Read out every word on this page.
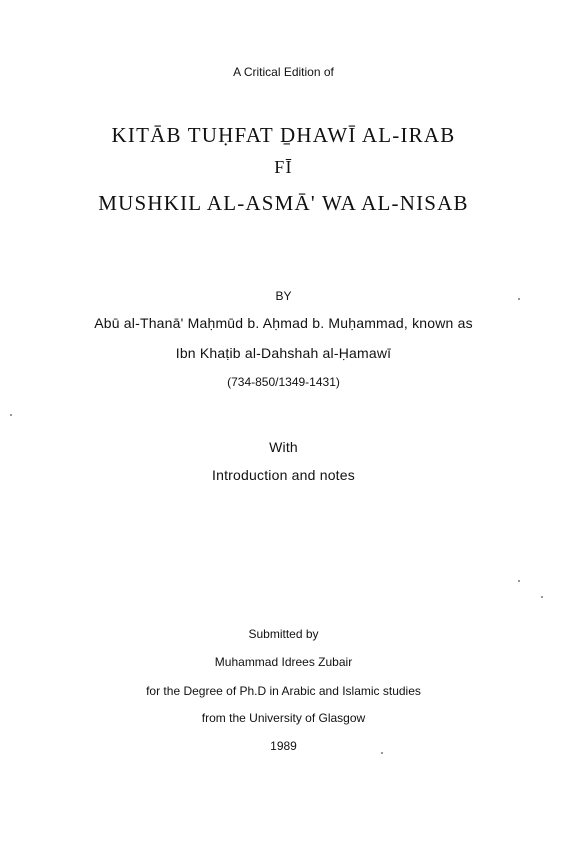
A Critical Edition of
KITĀB TUḤFAT ḎHAWĪ AL-IRAB
FĪ
MUSHKIL AL-ASMĀ' WA AL-NISAB
BY
Abū al-Thanā' Maḥmūd b. Aḥmad b. Muḥammad, known as
Ibn Khaṭib al-Dahshah al-Ḥamawī
(734-850/1349-1431)
With
Introduction and notes
Submitted by
Muhammad Idrees Zubair
for the Degree of Ph.D in Arabic and Islamic studies
from the University of Glasgow
1989
